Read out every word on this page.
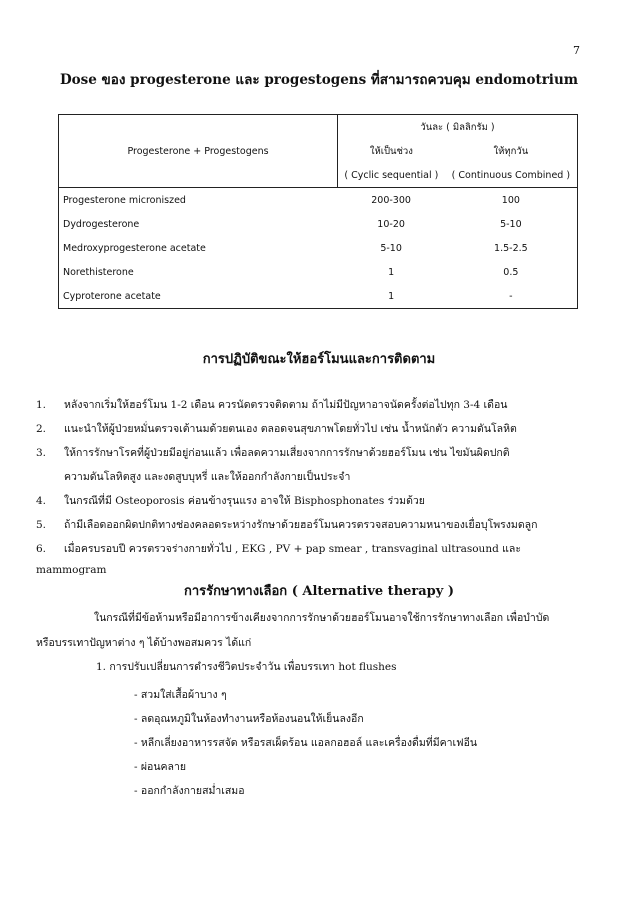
7
Dose ของ progesterone และ progestogens ที่สามารถควบคุม endomotrium
Progesterone + Progestogens	วันละ ( มิลลิกรัม )	
	ให้เป็นช่วง	ให้ทุกวัน
	( Cyclic sequential )	( Continuous Combined )
Progesterone microniszed	200-300	100
Dydrogesterone	10-20	5-10
Medroxyprogesterone acetate	5-10	1.5-2.5
Norethisterone	1	0.5
Cyproterone acetate	1	-
การปฏิบัติขณะให้ฮอร์โมนและการติดตาม
1. หลังจากเริ่มให้ฮอร์โมน 1-2 เดือน ควรนัดตรวจติดตาม ถ้าไม่มีปัญหาอาจนัดครั้งต่อไปทุก 3-4 เดือน
2. แนะนำให้ผู้ป่วยหมั่นตรวจเต้านมด้วยตนเอง ตลอดจนสุขภาพโดยทั่วไป เช่น น้ำหนักตัว ความดันโลหิต
3. ให้การรักษาโรคที่ผู้ป่วยมีอยู่ก่อนแล้ว เพื่อลดความเสี่ยงจากการรักษาด้วยฮอร์โมน เช่น ไขมันผิดปกติ
ความดันโลหิตสูง และงดสูบบุหรี่ และให้ออกกำลังกายเป็นประจำ
4. ในกรณีที่มี Osteoporosis ค่อนข้างรุนแรง อาจให้ Bisphosphonates ร่วมด้วย
5. ถ้ามีเลือดออกผิดปกติทางช่องคลอดระหว่างรักษาด้วยฮอร์โมนควรตรวจสอบความหนาของเยื่อบุโพรงมดลูก
6. เมื่อครบรอบปี ควรตรวจร่างกายทั่วไป , EKG , PV + pap smear , transvaginal ultrasound และ
mammogram
การรักษาทางเลือก ( Alternative therapy )
ในกรณีที่มีข้อห้ามหรือมีอาการข้างเคียงจากการรักษาด้วยฮอร์โมนอาจใช้การรักษาทางเลือก เพื่อบำบัด
หรือบรรเทาปัญหาต่าง ๆ ได้บ้างพอสมควร ได้แก่
1. การปรับเปลี่ยนการดำรงชีวิตประจำวัน เพื่อบรรเทา hot flushes
- สวมใส่เสื้อผ้าบาง ๆ
- ลดอุณหภูมิในห้องทำงานหรือห้องนอนให้เย็นลงอีก
- หลีกเลี่ยงอาหารรสจัด หรือรสเผ็ดร้อน แอลกอฮอล์ และเครื่องดื่มที่มีคาเฟอีน
- ผ่อนคลาย
- ออกกำลังกายสม่ำเสมอ
